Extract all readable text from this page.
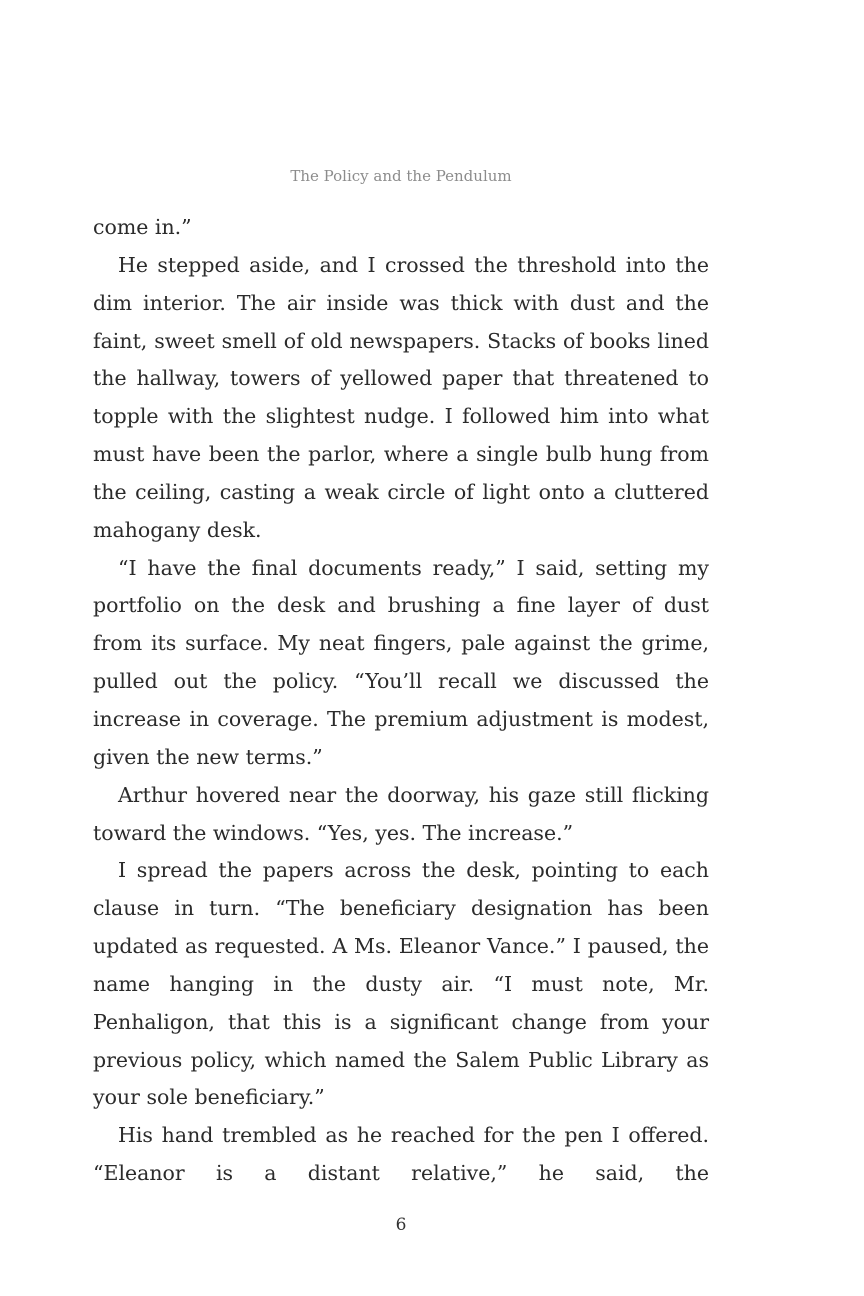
The Policy and the Pendulum

come in.”

He stepped aside, and I crossed the threshold into the dim interior. The air inside was thick with dust and the faint, sweet smell of old newspapers. Stacks of books lined the hallway, towers of yellowed paper that threatened to topple with the slightest nudge. I followed him into what must have been the parlor, where a single bulb hung from the ceiling, casting a weak circle of light onto a cluttered mahogany desk.

“I have the final documents ready,” I said, setting my portfolio on the desk and brushing a fine layer of dust from its surface. My neat fingers, pale against the grime, pulled out the policy. “You’ll recall we discussed the increase in coverage. The premium adjustment is modest, given the new terms.”

Arthur hovered near the doorway, his gaze still flicking toward the windows. “Yes, yes. The increase.”

I spread the papers across the desk, pointing to each clause in turn. “The beneficiary designation has been updated as requested. A Ms. Eleanor Vance.” I paused, the name hanging in the dusty air. “I must note, Mr. Penhaligon, that this is a significant change from your previous policy, which named the Salem Public Library as your sole beneficiary.”

His hand trembled as he reached for the pen I offered. “Eleanor is a distant relative,” he said, the

6
